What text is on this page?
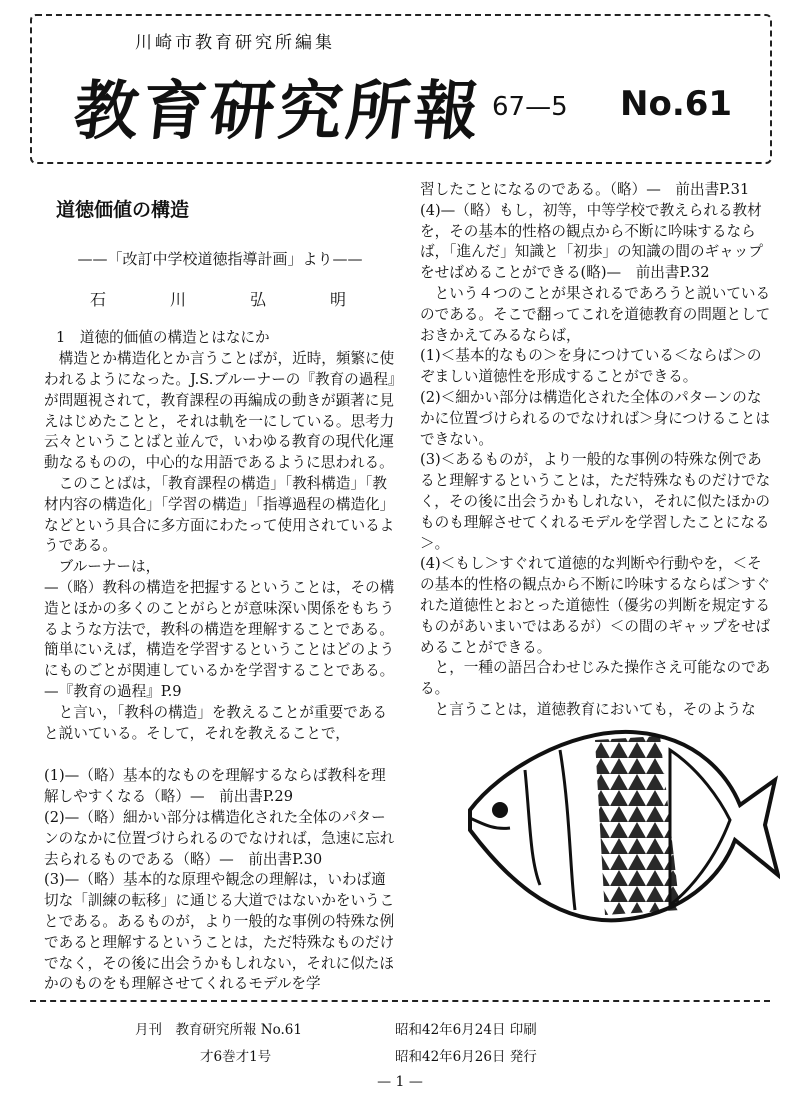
川崎市教育研究所編集
教育研究所報 67—5 No.61
道徳価値の構造
——「改訂中学校道徳指導計画」より——
石　川　弘　明

1　道徳的価値の構造とはなにか

構造とか構造化とか言うことばが，近時，頻繁に使われるようになった。J.S.ブルーナーの『教育の過程』が問題視されて，教育課程の再編成の動きが顕著に見えはじめたことと，それは軌を一にしている。思考力云々ということばと並んで，いわゆる教育の現代化運動なるものの，中心的な用語であるように思われる。

このことばは，「教育課程の構造」「教科構造」「教材内容の構造化」「学習の構造」「指導過程の構造化」などという具合に多方面にわたって使用されているようである。

ブルーナーは，

—（略）教科の構造を把握するということは，その構造とほかの多くのことがらとが意味深い関係をもちうるような方法で，教科の構造を理解することである。簡単にいえば，構造を学習するということはどのようにものごとが関連しているかを学習することである。—『教育の過程』P.9

と言い，「教科の構造」を教えることが重要であると説いている。そして，それを教えることで，

(1)—（略）基本的なものを理解するならば教科を理解しやすくなる（略）—　前出書P.29

(2)—（略）細かい部分は構造化された全体のパターンのなかに位置づけられるのでなければ，急速に忘れ去られるものである（略）—　前出書P.30

(3)—（略）基本的な原理や観念の理解は，いわば適切な「訓練の転移」に通じる大道ではないかをいうことである。あるものが，より一般的な事例の特殊な例であると理解するということは，ただ特殊なものだけでなく，その後に出会うかもしれない，それに似たほかのものをも理解させてくれるモデルを学

習したことになるのである。（略）—　前出書P.31

(4)—（略）もし，初等，中等学校で教えられる教材を，その基本的性格の観点から不断に吟味するならば，「進んだ」知識と「初歩」の知識の間のギャップをせばめることができる(略)—　前出書P.32

という４つのことが果されるであろうと説いているのである。そこで翻ってこれを道徳教育の問題としておきかえてみるならば，

(1)＜基本的なもの＞を身につけている＜ならば＞のぞましい道徳性を形成することができる。

(2)＜細かい部分は構造化された全体のパターンのなかに位置づけられるのでなければ＞身につけることはできない。

(3)＜あるものが，より一般的な事例の特殊な例であると理解するということは，ただ特殊なものだけでなく，その後に出会うかもしれない，それに似たほかのものも理解させてくれるモデルを学習したことになる＞。

(4)＜もし＞すぐれて道徳的な判断や行動やを，＜その基本的性格の観点から不断に吟味するならば＞すぐれた道徳性とおとった道徳性（優劣の判断を規定するものがあいまいではあるが）＜の間のギャップをせばめることができる。

と，一種の語呂合わせじみた操作さえ可能なのである。

と言うことは，道徳教育においても，そのような

月刊　教育研究所報 No.61	昭和42年6月24日 印刷
才6巻才1号	昭和42年6月26日 発行
— 1 —
